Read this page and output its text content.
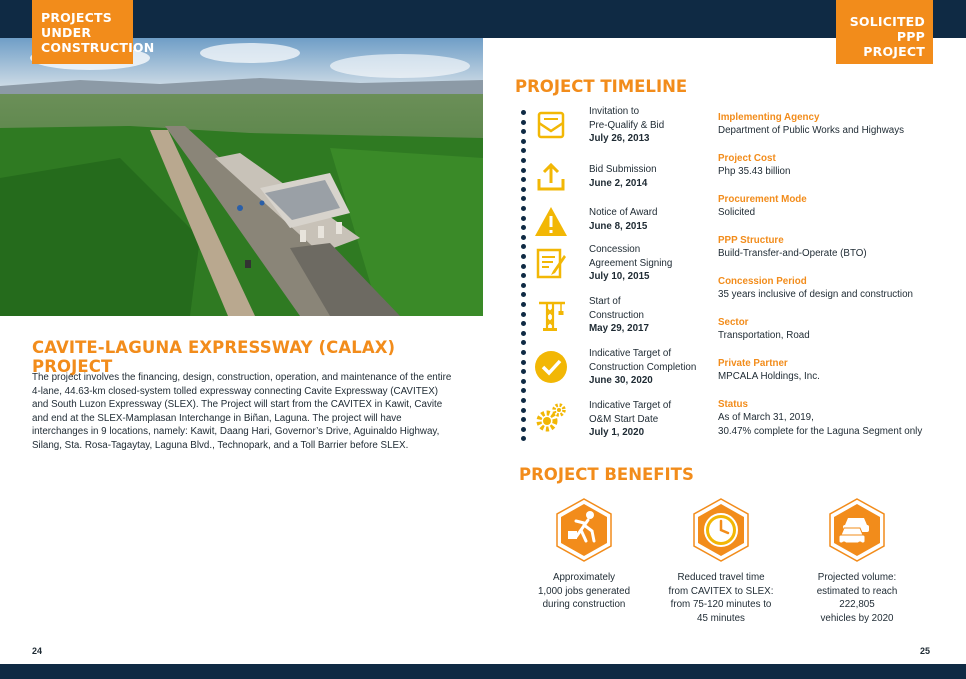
PROJECTS
UNDER
CONSTRUCTION
SOLICITED
PPP PROJECT
CAVITE-LAGUNA EXPRESSWAY (CALAX) PROJECT
The project involves the financing, design, construction, operation, and maintenance of the entire 4-lane, 44.63-km closed-system tolled expressway connecting Cavite Expressway (CAVITEX) and South Luzon Expressway (SLEX). The Project will start from the CAVITEX in Kawit, Cavite and end at the SLEX-Mamplasan Interchange in Biñan, Laguna. The project will have interchanges in 9 locations, namely: Kawit, Daang Hari, Governor’s Drive, Aguinaldo Highway, Silang, Sta. Rosa-Tagaytay, Laguna Blvd., Technopark, and a Toll Barrier before SLEX.
PROJECT TIMELINE
Invitation to
Pre-Qualify & Bid
July 26, 2013
Bid Submission
June 2, 2014
Notice of Award
June 8, 2015
Concession
Agreement Signing
July 10, 2015
Start of
Construction
May 29, 2017
Indicative Target of
Construction Completion
June 30, 2020
Indicative Target of
O&M Start Date
July 1, 2020
Implementing Agency
Department of Public Works and Highways
Project Cost
Php 35.43 billion
Procurement Mode
Solicited
PPP Structure
Build-Transfer-and-Operate (BTO)
Concession Period
35 years inclusive of design and construction
Sector
Transportation, Road
Private Partner
MPCALA Holdings, Inc.
Status
As of March 31, 2019,
30.47% complete for the Laguna Segment only
PROJECT BENEFITS
Approximately
1,000 jobs generated
during construction
Reduced travel time
from CAVITEX to SLEX:
from 75-120 minutes to
45 minutes
Projected volume:
estimated to reach
222,805
vehicles by 2020
24	25
